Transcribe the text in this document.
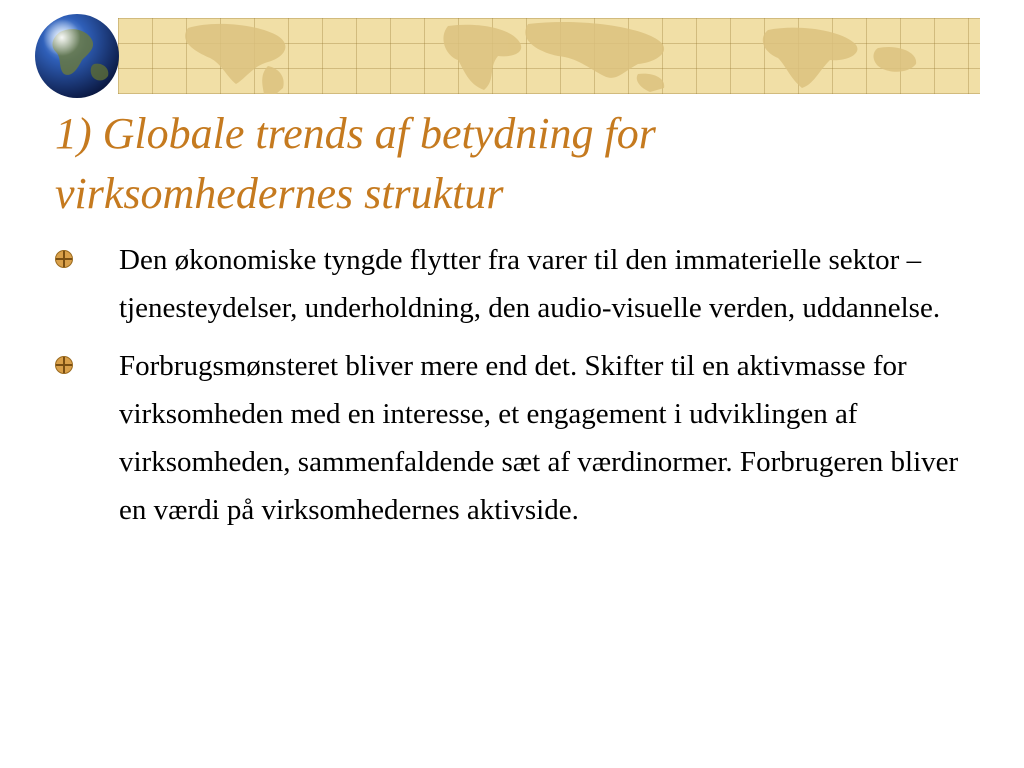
1) Globale trends af betydning for
virksomhedernes struktur
Den økonomiske tyngde flytter fra varer til den immaterielle sektor – tjenesteydelser, underholdning, den audio-visuelle verden, uddannelse.
Forbrugsmønsteret bliver mere end det. Skifter til en aktivmasse for virksomheden med en interesse, et engagement i udviklingen af virksomheden, sammenfaldende sæt af værdinormer. Forbrugeren bliver en værdi på virksomhedernes aktivside.
